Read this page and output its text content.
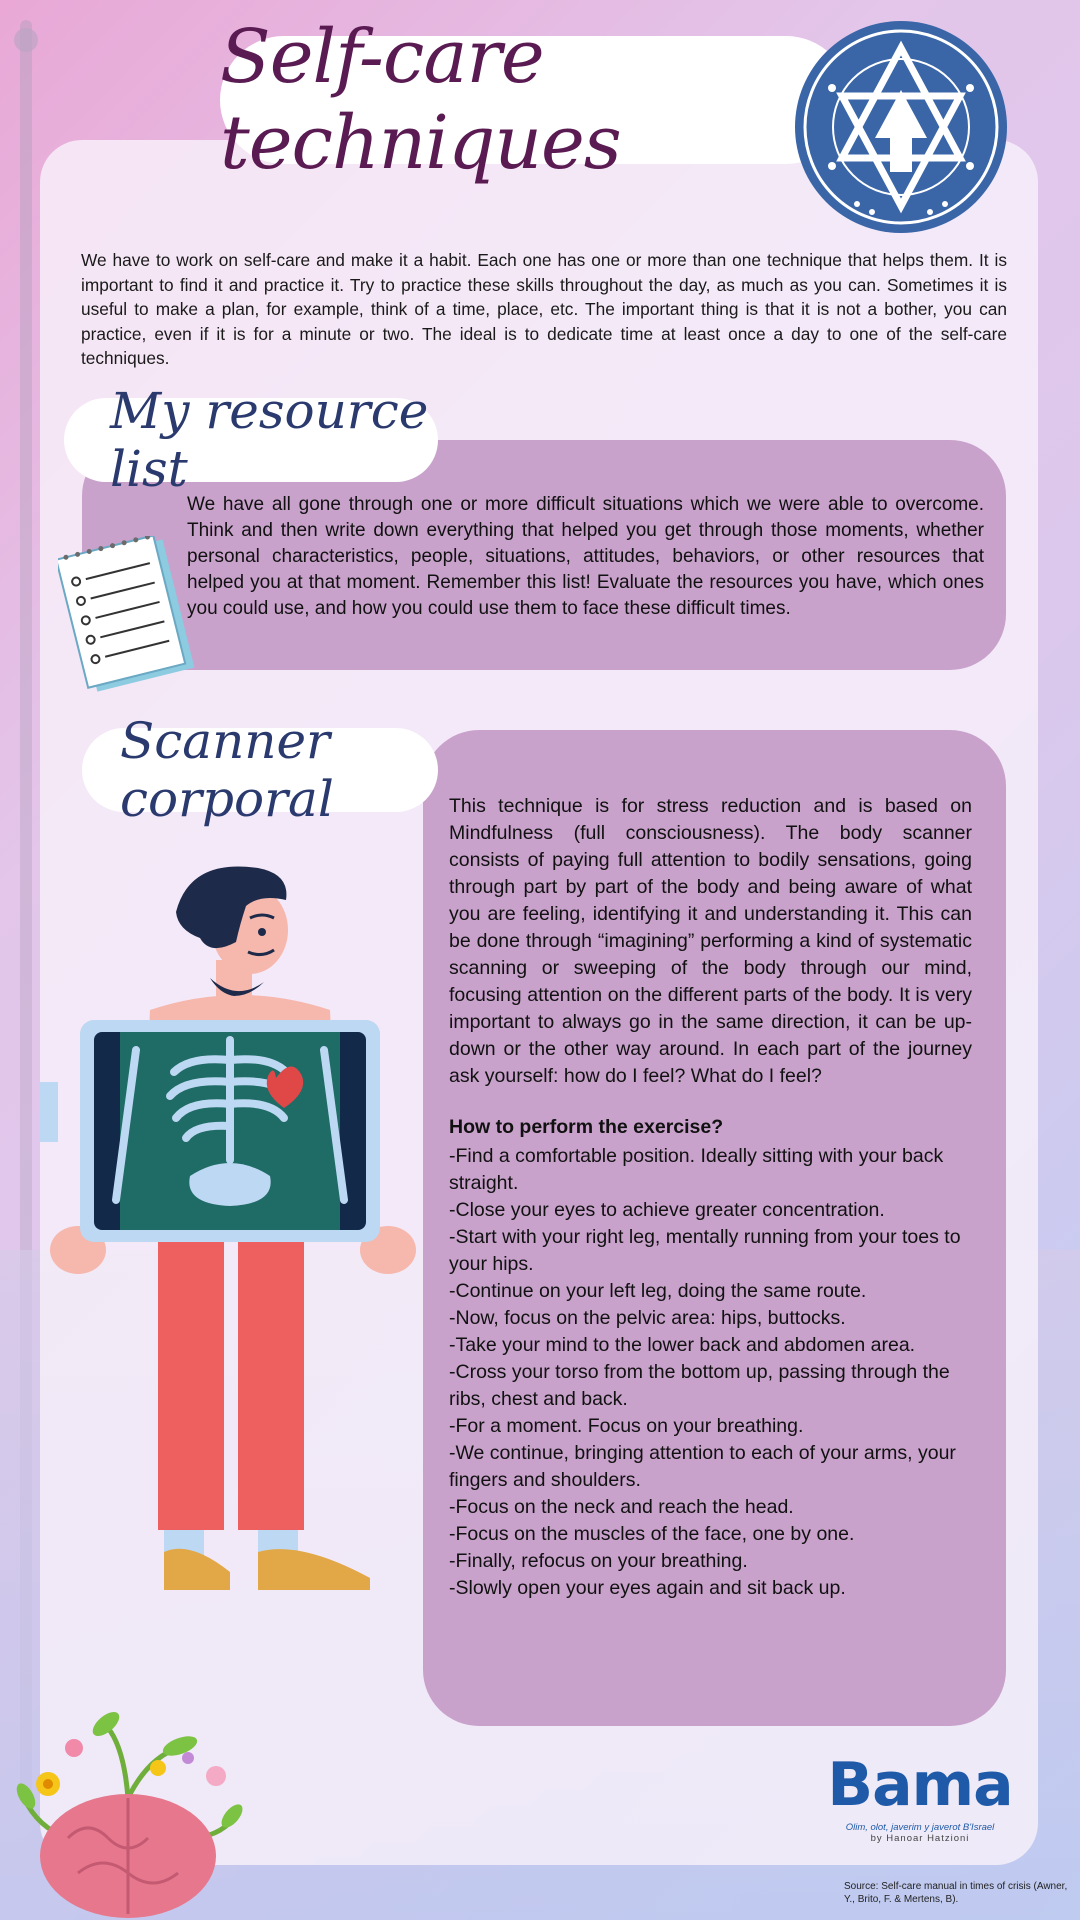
Self-care techniques

We have to work on self-care and make it a habit. Each one has one or more than one technique that helps them. It is important to find it and practice it. Try to practice these skills throughout the day, as much as you can. Sometimes it is useful to make a plan, for example, think of a time, place, etc. The important thing is that it is not a bother, you can practice, even if it is for a minute or two. The ideal is to dedicate time at least once a day to one of the self-care techniques.

My resource list

We have all gone through one or more difficult situations which we were able to overcome. Think and then write down everything that helped you get through those moments, whether personal characteristics, people, situations, attitudes, behaviors, or other resources that helped you at that moment. Remember this list! Evaluate the resources you have, which ones you could use, and how you could use them to face these difficult times.

Scanner corporal	This technique is for stress reduction and is based on Mindfulness (full consciousness). The body scanner consists of paying full attention to bodily sensations, going through part by part of the body and being aware of what you are feeling, identifying it and understanding it. This can be done through “imagining” performing a kind of systematic scanning or sweeping of the body through our mind, focusing attention on the different parts of the body. It is very important to always go in the same direction, it can be up-down or the other way around. In each part of the journey ask yourself: how do I feel? What do I feel?

How to perform the exercise?

-Find a comfortable position. Ideally sitting with your back straight.
-Close your eyes to achieve greater concentration.
-Start with your right leg, mentally running from your toes to your hips.
-Continue on your left leg, doing the same route.
-Now, focus on the pelvic area: hips, buttocks.
-Take your mind to the lower back and abdomen area.
-Cross your torso from the bottom up, passing through the ribs, chest and back.
-For a moment. Focus on your breathing.
-We continue, bringing attention to each of your arms, your fingers and shoulders.
-Focus on the neck and reach the head.
-Focus on the muscles of the face, one by one.
-Finally, refocus on your breathing.
-Slowly open your eyes again and sit back up.
Bama
Olim, olot, javerim y javerot B'Israel
by Hanoar Hatzioni

Source: Self-care manual in times of crisis (Awner, Y., Brito, F. & Mertens, B).
